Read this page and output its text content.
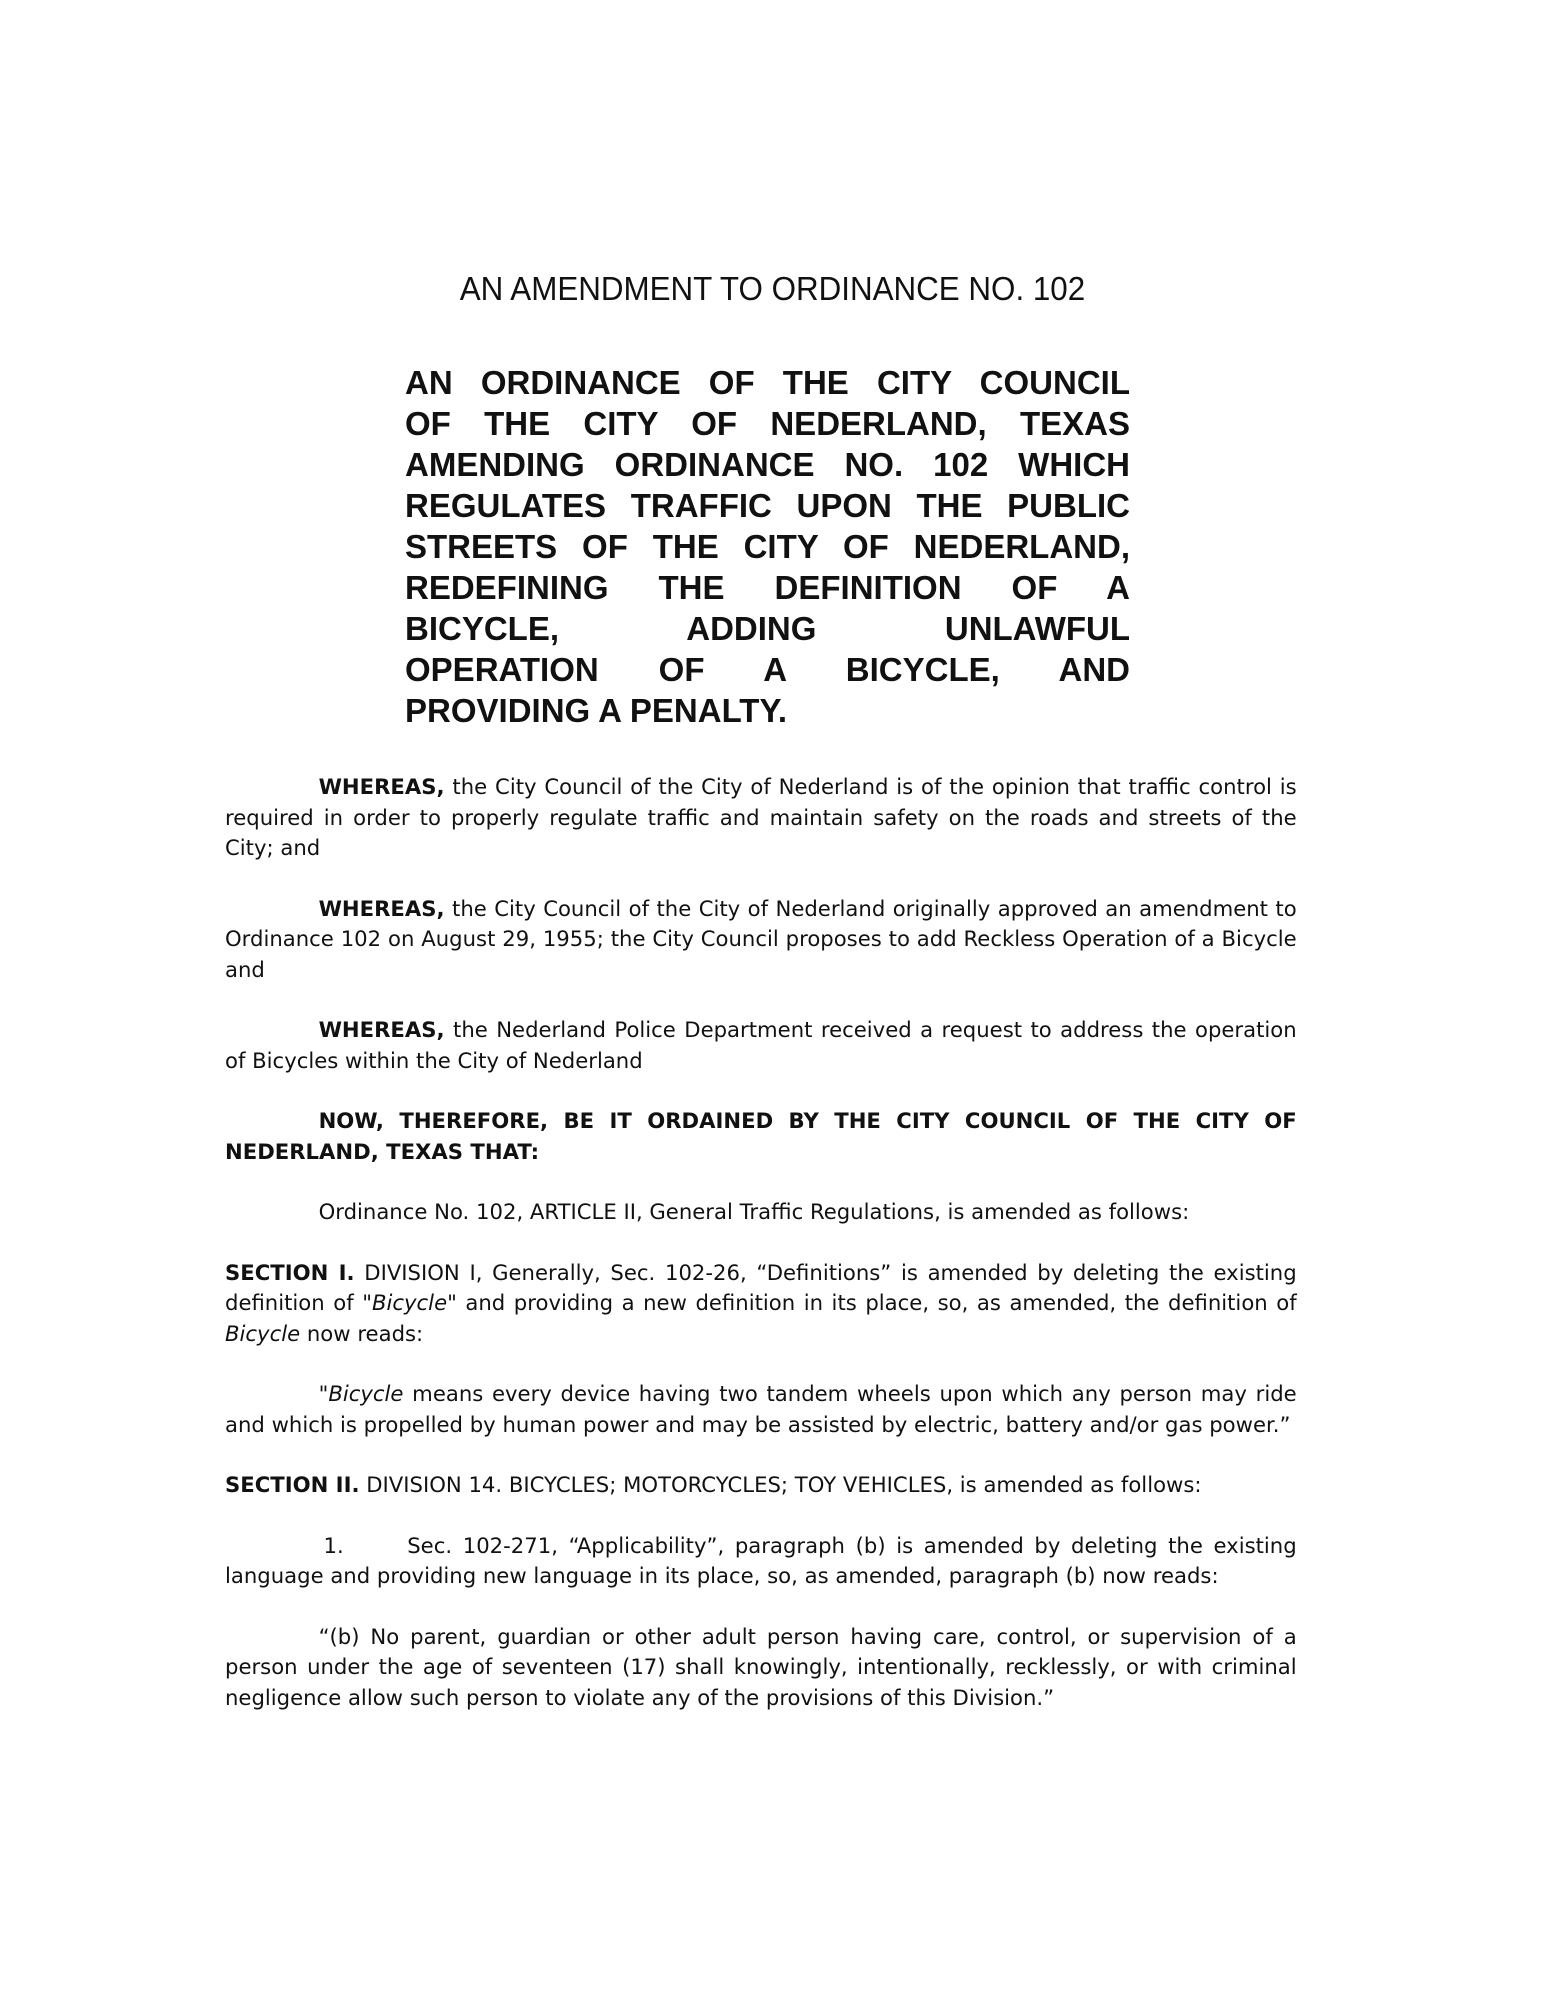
AN AMENDMENT TO ORDINANCE NO. 102
AN ORDINANCE OF THE CITY COUNCIL
OF THE CITY OF NEDERLAND, TEXAS
AMENDING ORDINANCE NO. 102 WHICH
REGULATES TRAFFIC UPON THE PUBLIC
STREETS OF THE CITY OF NEDERLAND,
REDEFINING THE DEFINITION OF A
BICYCLE, ADDING UNLAWFUL
OPERATION OF A BICYCLE, AND
PROVIDING A PENALTY.

WHEREAS, the City Council of the City of Nederland is of the opinion that traffic control is required in order to properly regulate traffic and maintain safety on the roads and streets of the City; and

WHEREAS, the City Council of the City of Nederland originally approved an amendment to Ordinance 102 on August 29, 1955; the City Council proposes to add Reckless Operation of a Bicycle and

WHEREAS, the Nederland Police Department received a request to address the operation of Bicycles within the City of Nederland

NOW, THEREFORE, BE IT ORDAINED BY THE CITY COUNCIL OF THE CITY OF NEDERLAND, TEXAS THAT:

Ordinance No. 102, ARTICLE II, General Traffic Regulations, is amended as follows:

SECTION I. DIVISION I, Generally, Sec. 102-26, “Definitions” is amended by deleting the existing definition of "Bicycle" and providing a new definition in its place, so, as amended, the definition of Bicycle now reads:

"Bicycle means every device having two tandem wheels upon which any person may ride and which is propelled by human power and may be assisted by electric, battery and/or gas power.”

SECTION II. DIVISION 14. BICYCLES; MOTORCYCLES; TOY VEHICLES, is amended as follows:

1.	Sec. 102-271, “Applicability”, paragraph (b) is amended by deleting the existing language and providing new language in its place, so, as amended, paragraph (b) now reads:

“(b) No parent, guardian or other adult person having care, control, or supervision of a person under the age of seventeen (17) shall knowingly, intentionally, recklessly, or with criminal negligence allow such person to violate any of the provisions of this Division.”
